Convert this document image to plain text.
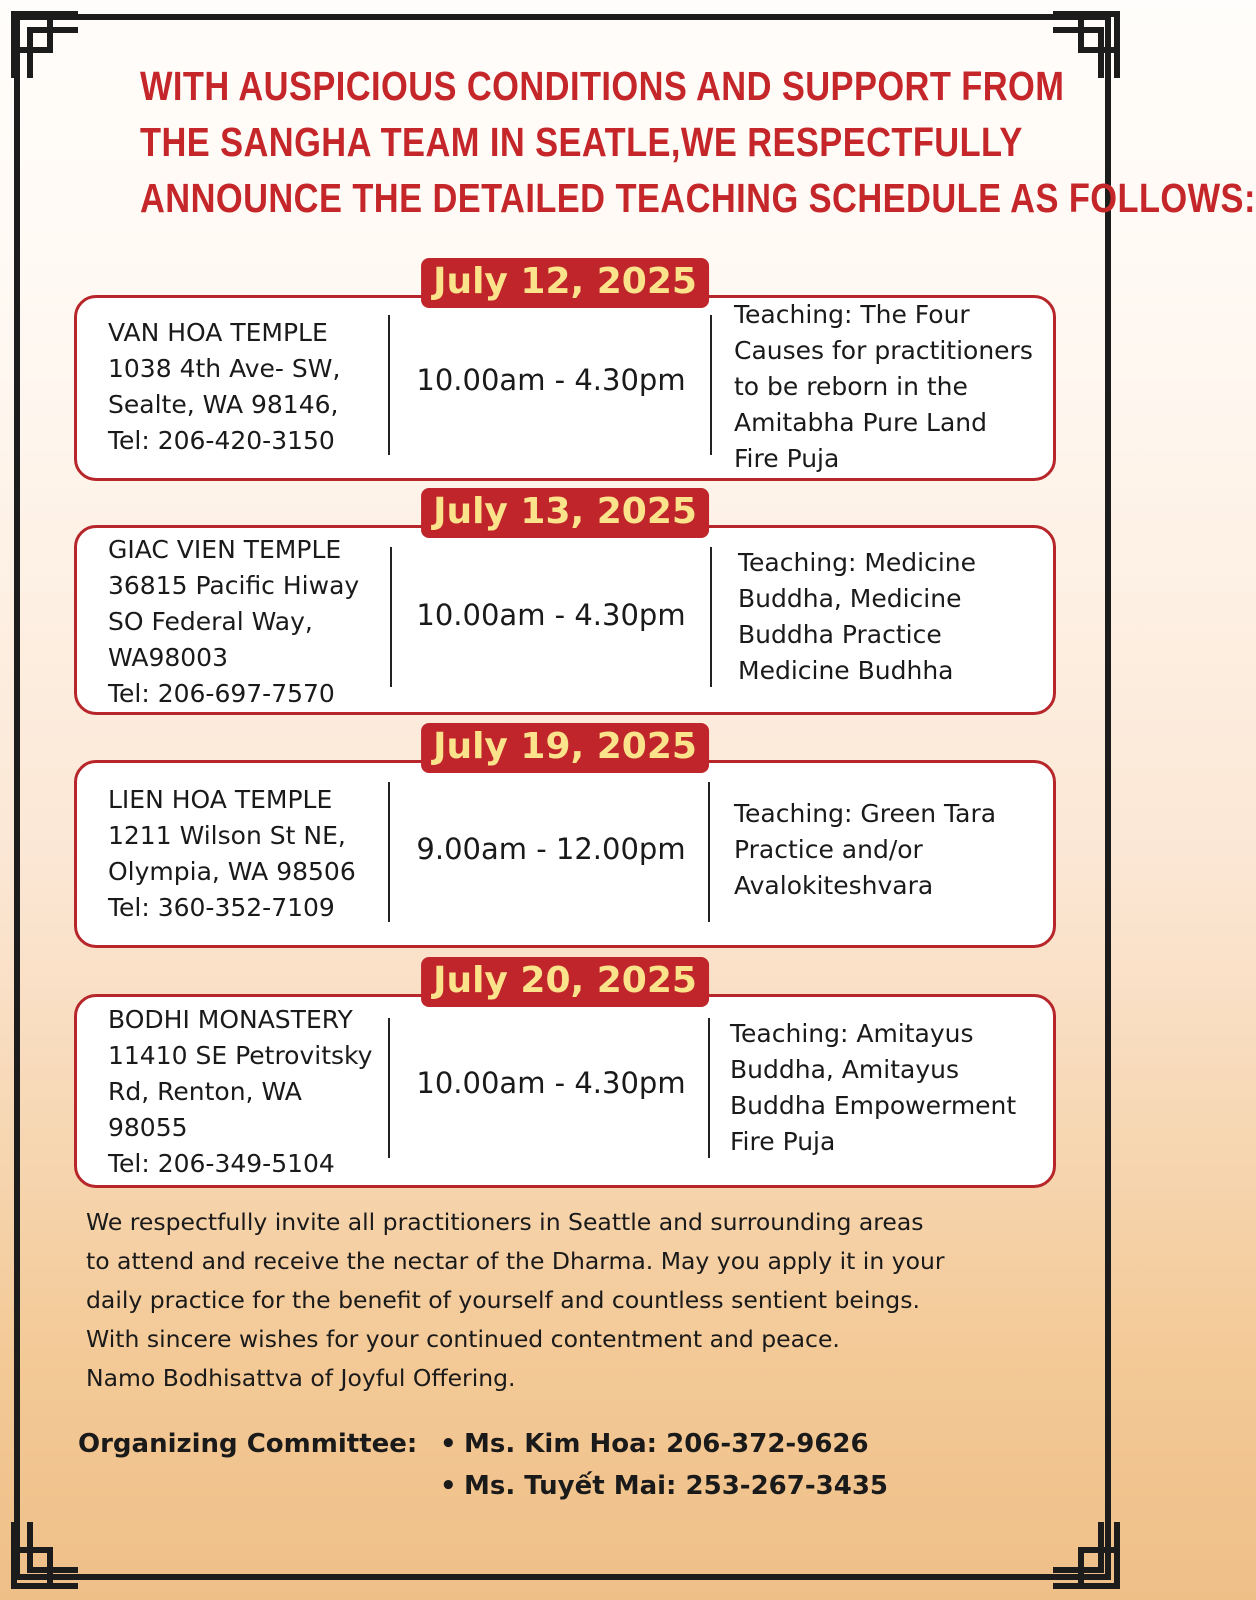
WITH AUSPICIOUS CONDITIONS AND SUPPORT FROM
THE SANGHA TEAM IN SEATLE,WE RESPECTFULLY
ANNOUNCE THE DETAILED TEACHING SCHEDULE AS FOLLOWS:
July 12, 2025
VAN HOA TEMPLE
1038 4th Ave- SW,
Sealte, WA 98146,
Tel: 206-420-3150
10.00am - 4.30pm
Teaching: The Four
Causes for practitioners
to be reborn in the
Amitabha Pure Land
Fire Puja
July 13, 2025
GIAC VIEN TEMPLE
36815 Pacific Hiway
SO Federal Way,
WA98003
Tel: 206-697-7570
10.00am - 4.30pm
Teaching: Medicine
Buddha, Medicine
Buddha Practice
Medicine Budhha
July 19, 2025
LIEN HOA TEMPLE
1211 Wilson St NE,
Olympia, WA 98506
Tel: 360-352-7109
9.00am - 12.00pm
Teaching: Green Tara
Practice and/or
Avalokiteshvara
July 20, 2025
BODHI MONASTERY
11410 SE Petrovitsky
Rd, Renton, WA
98055
Tel: 206-349-5104
10.00am - 4.30pm
Teaching: Amitayus
Buddha, Amitayus
Buddha Empowerment
Fire Puja
We respectfully invite all practitioners in Seattle and surrounding areas
to attend and receive the nectar of the Dharma. May you apply it in your
daily practice for the benefit of yourself and countless sentient beings.
With sincere wishes for your continued contentment and peace.
Namo Bodhisattva of Joyful Offering.
Organizing Committee: • Ms. Kim Hoa: 206-372-9626
• Ms. Tuyết Mai: 253-267-3435
